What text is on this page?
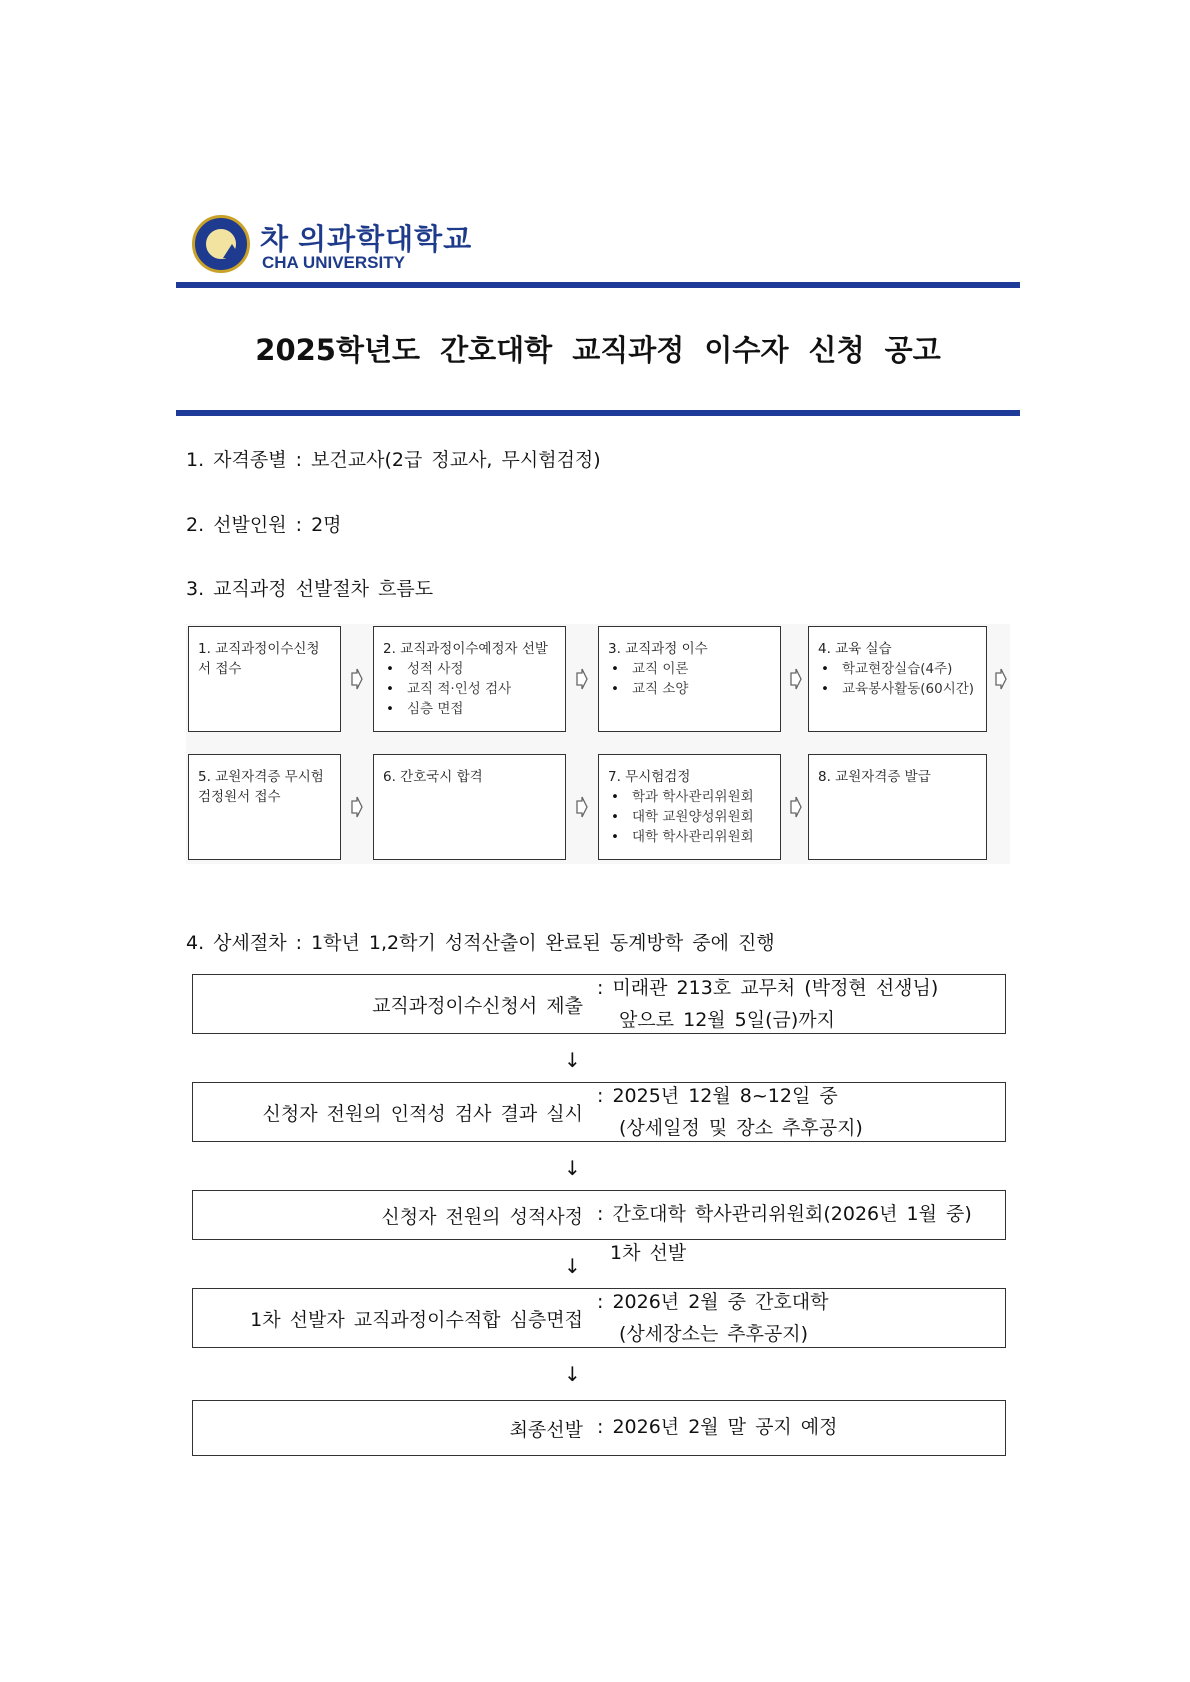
차 의과학대학교
CHA UNIVERSITY
2025학년도 간호대학 교직과정 이수자 신청 공고
1. 자격종별 : 보건교사(2급 정교사, 무시험검정)
2. 선발인원 : 2명
3. 교직과정 선발절차 흐름도
1. 교직과정이수신청 서 접수
2. 교직과정이수예정자 선발
• 성적 사정
• 교직 적·인성 검사
• 심층 면접
3. 교직과정 이수
• 교직 이론
• 교직 소양
4. 교육 실습
• 학교현장실습(4주)
• 교육봉사활동(60시간)
5. 교원자격증 무시험검정원서 접수
6. 간호국시 합격	7. 무시험검정
• 학과 학사관리위원회
• 대학 교원양성위원회
• 대학 학사관리위원회
8. 교원자격증 발급
4. 상세절차 : 1학년 1,2학기 성적산출이 완료된 동계방학 중에 진행
교직과정이수신청서 제출
: 미래관 213호 교무처 (박정현 선생님)
앞으로 12월 5일(금)까지
↓
신청자 전원의 인적성 검사 결과 실시
: 2025년 12월 8~12일 중
(상세일정 및 장소 추후공지)
↓
신청자 전원의 성적사정 : 간호대학 학사관리위원회(2026년 1월 중)
↓
1차 선발
1차 선발자 교직과정이수적합 심층면접
: 2026년 2월 중 간호대학
(상세장소는 추후공지)
↓
최종선발 : 2026년 2월 말 공지 예정
